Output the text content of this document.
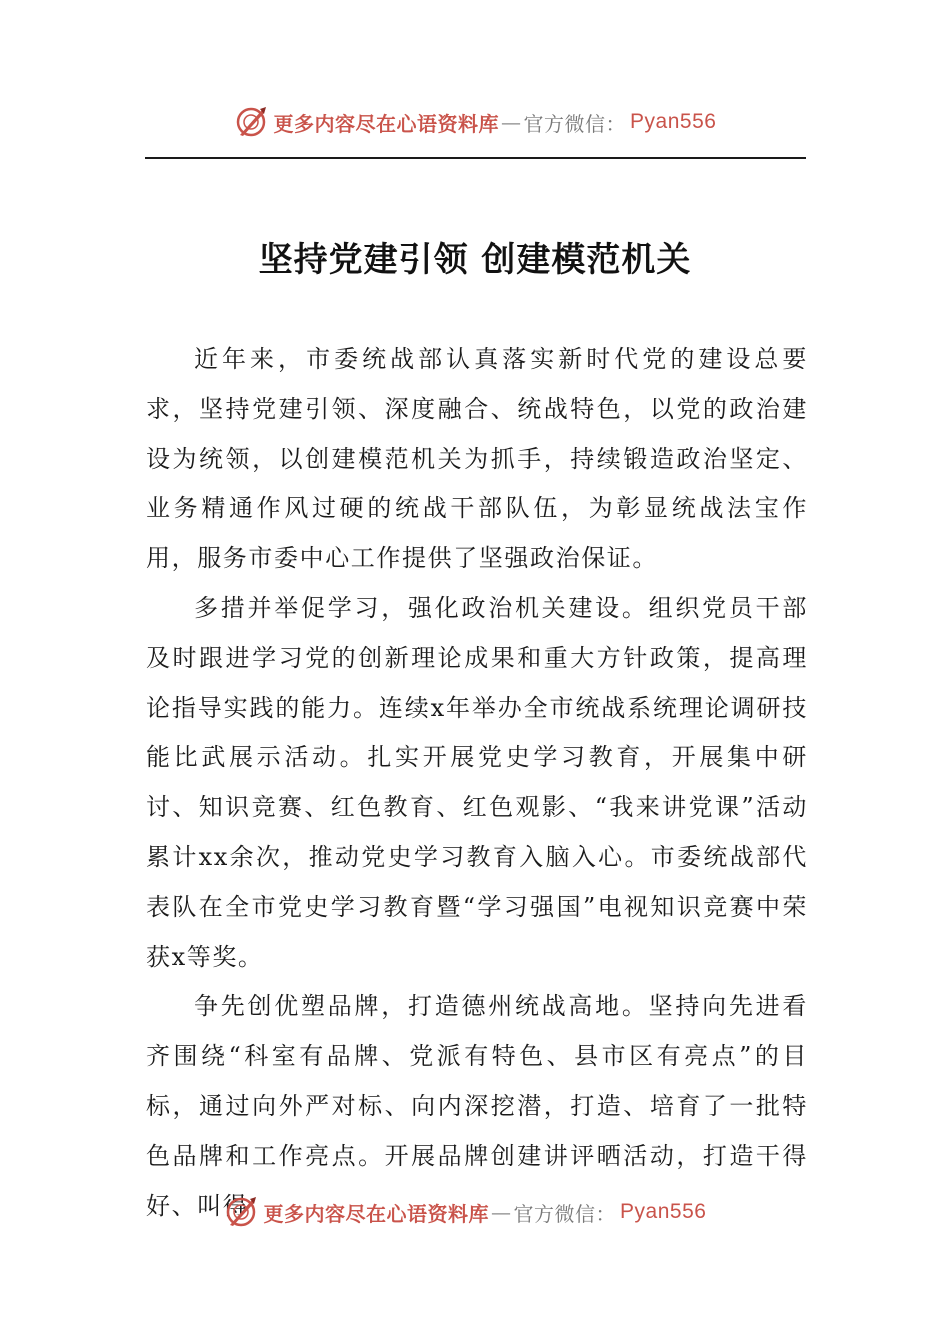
更多内容尽在心语资料库 — 官方微信： Pyan556
坚持党建引领 创建模范机关

近年来，市委统战部认真落实新时代党的建设总要求，坚持党建引领、深度融合、统战特色，以党的政治建设为统领，以创建模范机关为抓手，持续锻造政治坚定、业务精通作风过硬的统战干部队伍，为彰显统战法宝作用，服务市委中心工作提供了坚强政治保证。

多措并举促学习，强化政治机关建设。组织党员干部及时跟进学习党的创新理论成果和重大方针政策，提高理论指导实践的能力。连续x年举办全市统战系统理论调研技能比武展示活动。扎实开展党史学习教育，开展集中研讨、知识竞赛、红色教育、红色观影、“我来讲党课”活动累计xx余次，推动党史学习教育入脑入心。市委统战部代表队在全市党史学习教育暨“学习强国”电视知识竞赛中荣获x等奖。

争先创优塑品牌，打造德州统战高地。坚持向先进看齐围绕“科室有品牌、党派有特色、县市区有亮点”的目标，通过向外严对标、向内深挖潜，打造、培育了一批特色品牌和工作亮点。开展品牌创建讲评晒活动，打造干得好、叫得 更多内容尽在心语资料库 — 官方微信： Pyan556
